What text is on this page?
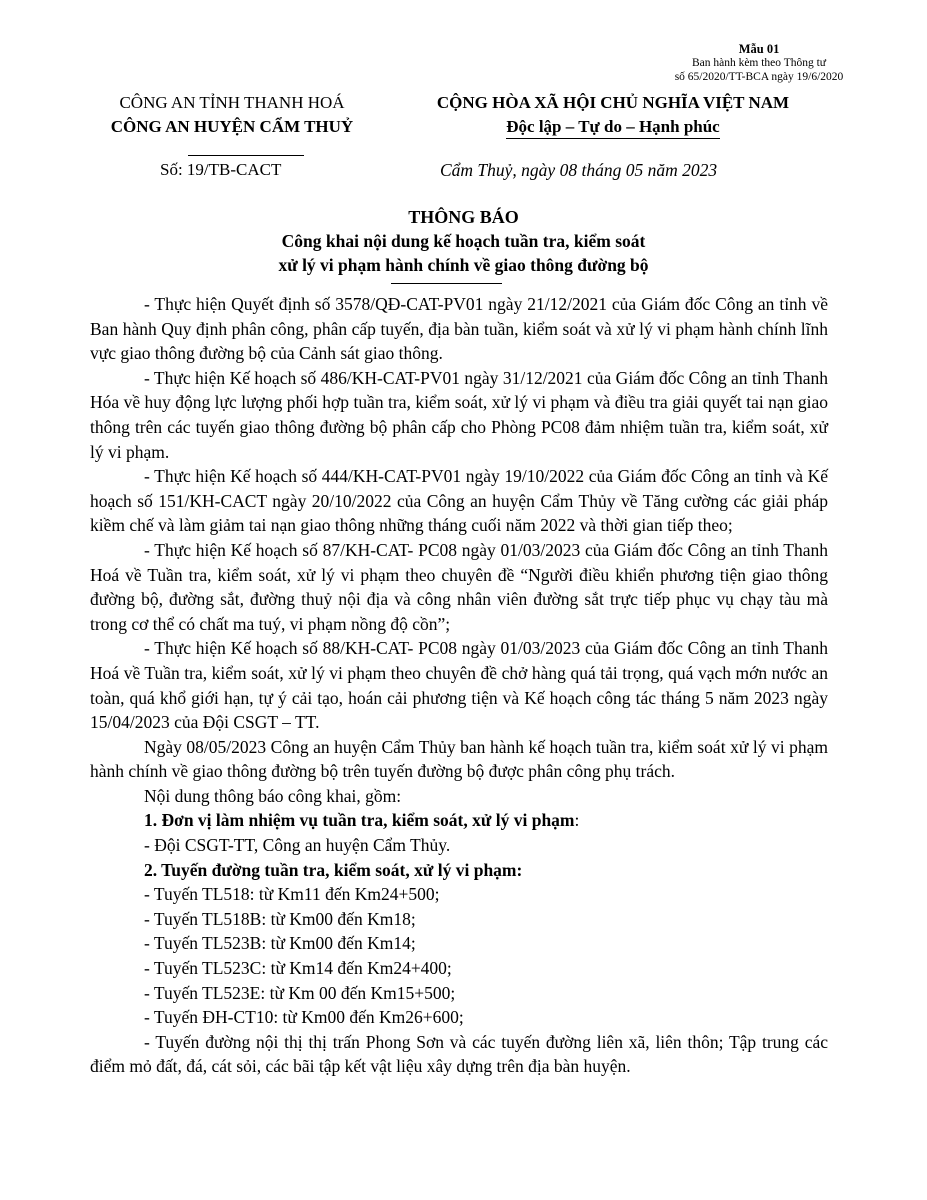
Mẫu 01
Ban hành kèm theo Thông tư
số 65/2020/TT-BCA ngày 19/6/2020
CÔNG AN TỈNH THANH HOÁ
CÔNG AN HUYỆN CẨM THUỶ
CỘNG HÒA XÃ HỘI CHỦ NGHĨA VIỆT NAM
Độc lập – Tự do – Hạnh phúc
Số: 19/TB-CACT	Cẩm Thuỷ, ngày 08 tháng 05 năm 2023
THÔNG BÁO
Công khai nội dung kế hoạch tuần tra, kiểm soát
xử lý vi phạm hành chính về giao thông đường bộ

- Thực hiện Quyết định số 3578/QĐ-CAT-PV01 ngày 21/12/2021 của Giám đốc Công an tỉnh về Ban hành Quy định phân công, phân cấp tuyến, địa bàn tuần, kiểm soát và xử lý vi phạm hành chính lĩnh vực giao thông đường bộ của Cảnh sát giao thông.

- Thực hiện Kế hoạch số 486/KH-CAT-PV01 ngày 31/12/2021 của Giám đốc Công an tỉnh Thanh Hóa về huy động lực lượng phối hợp tuần tra, kiểm soát, xử lý vi phạm và điều tra giải quyết tai nạn giao thông trên các tuyến giao thông đường bộ phân cấp cho Phòng PC08 đảm nhiệm tuần tra, kiểm soát, xử lý vi phạm.

- Thực hiện Kế hoạch số 444/KH-CAT-PV01 ngày 19/10/2022 của Giám đốc Công an tỉnh và Kế hoạch số 151/KH-CACT ngày 20/10/2022 của Công an huyện Cẩm Thủy về Tăng cường các giải pháp kiềm chế và làm giảm tai nạn giao thông những tháng cuối năm 2022 và thời gian tiếp theo;

- Thực hiện Kế hoạch số 87/KH-CAT- PC08 ngày 01/03/2023 của Giám đốc Công an tỉnh Thanh Hoá về Tuần tra, kiểm soát, xử lý vi phạm theo chuyên đề “Người điều khiển phương tiện giao thông đường bộ, đường sắt, đường thuỷ nội địa và công nhân viên đường sắt trực tiếp phục vụ chạy tàu mà trong cơ thể có chất ma tuý, vi phạm nồng độ cồn”;

- Thực hiện Kế hoạch số 88/KH-CAT- PC08 ngày 01/03/2023 của Giám đốc Công an tỉnh Thanh Hoá về Tuần tra, kiểm soát, xử lý vi phạm theo chuyên đề chở hàng quá tải trọng, quá vạch mớn nước an toàn, quá khổ giới hạn, tự ý cải tạo, hoán cải phương tiện và Kế hoạch công tác tháng 5 năm 2023 ngày 15/04/2023 của Đội CSGT – TT.

Ngày 08/05/2023 Công an huyện Cẩm Thủy ban hành kế hoạch tuần tra, kiểm soát xử lý vi phạm hành chính về giao thông đường bộ trên tuyến đường bộ được phân công phụ trách.

Nội dung thông báo công khai, gồm:

1. Đơn vị làm nhiệm vụ tuần tra, kiểm soát, xử lý vi phạm:

- Đội CSGT-TT, Công an huyện Cẩm Thủy.

2. Tuyến đường tuần tra, kiểm soát, xử lý vi phạm:

- Tuyến TL518: từ Km11 đến Km24+500;

- Tuyến TL518B: từ Km00 đến Km18;

- Tuyến TL523B: từ Km00 đến Km14;

- Tuyến TL523C: từ Km14 đến Km24+400;

- Tuyến TL523E: từ Km 00 đến Km15+500;

- Tuyến ĐH-CT10: từ Km00 đến Km26+600;

- Tuyến đường nội thị thị trấn Phong Sơn và các tuyến đường liên xã, liên thôn; Tập trung các điểm mỏ đất, đá, cát sỏi, các bãi tập kết vật liệu xây dựng trên địa bàn huyện.
